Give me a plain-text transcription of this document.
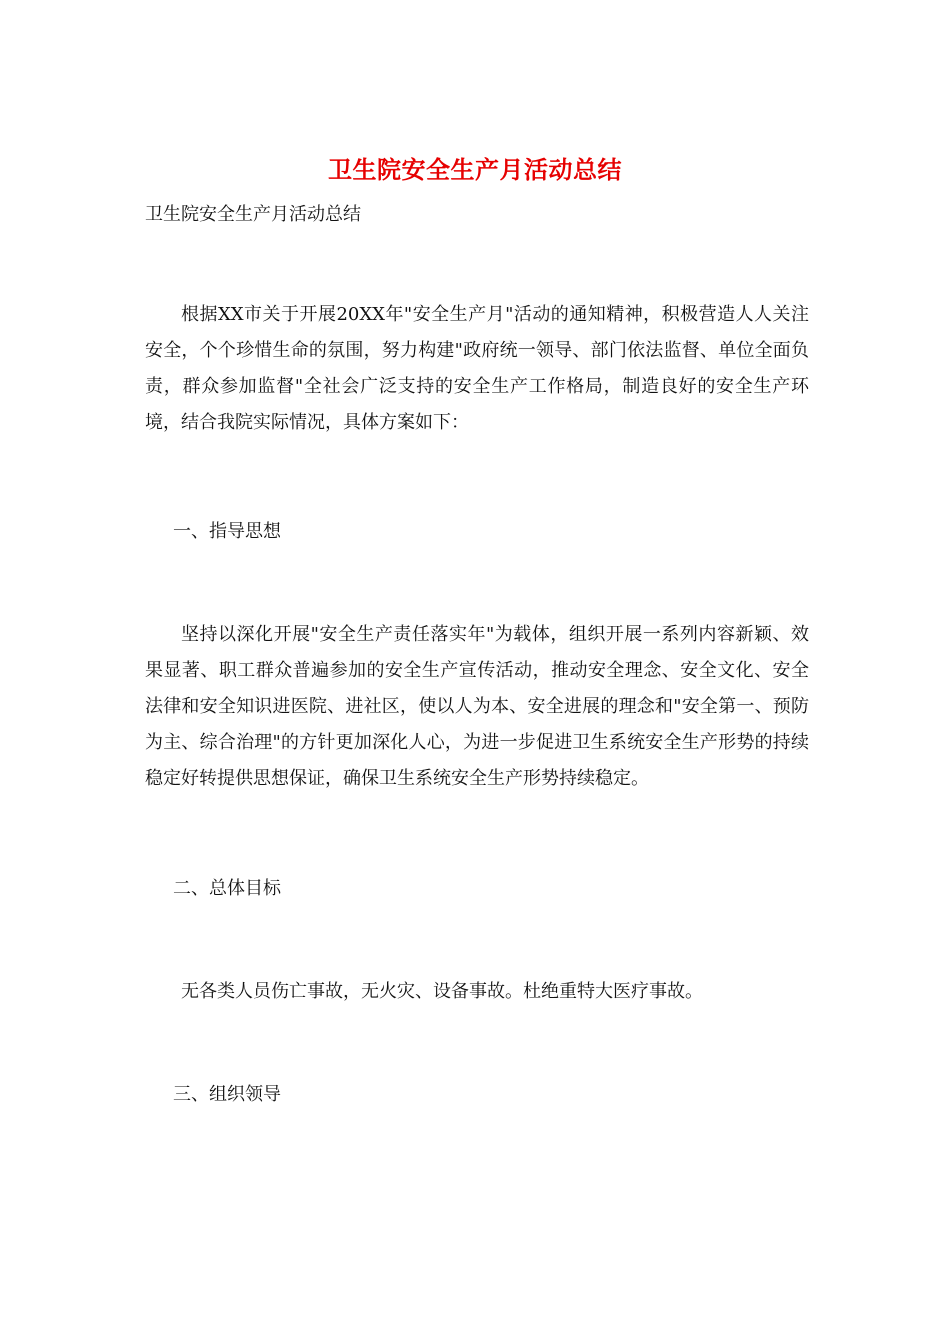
卫生院安全生产月活动总结
卫生院安全生产月活动总结
根据XX市关于开展20XX年"安全生产月"活动的通知精神，积极营造人人关注安全，个个珍惜生命的氛围，努力构建"政府统一领导、部门依法监督、单位全面负责，群众参加监督"全社会广泛支持的安全生产工作格局，制造良好的安全生产环境，结合我院实际情况，具体方案如下：
一、指导思想
坚持以深化开展"安全生产责任落实年"为载体，组织开展一系列内容新颖、效果显著、职工群众普遍参加的安全生产宣传活动，推动安全理念、安全文化、安全法律和安全知识进医院、进社区，使以人为本、安全进展的理念和"安全第一、预防为主、综合治理"的方针更加深化人心，为进一步促进卫生系统安全生产形势的持续稳定好转提供思想保证，确保卫生系统安全生产形势持续稳定。
二、总体目标
无各类人员伤亡事故，无火灾、设备事故。杜绝重特大医疗事故。
三、组织领导
